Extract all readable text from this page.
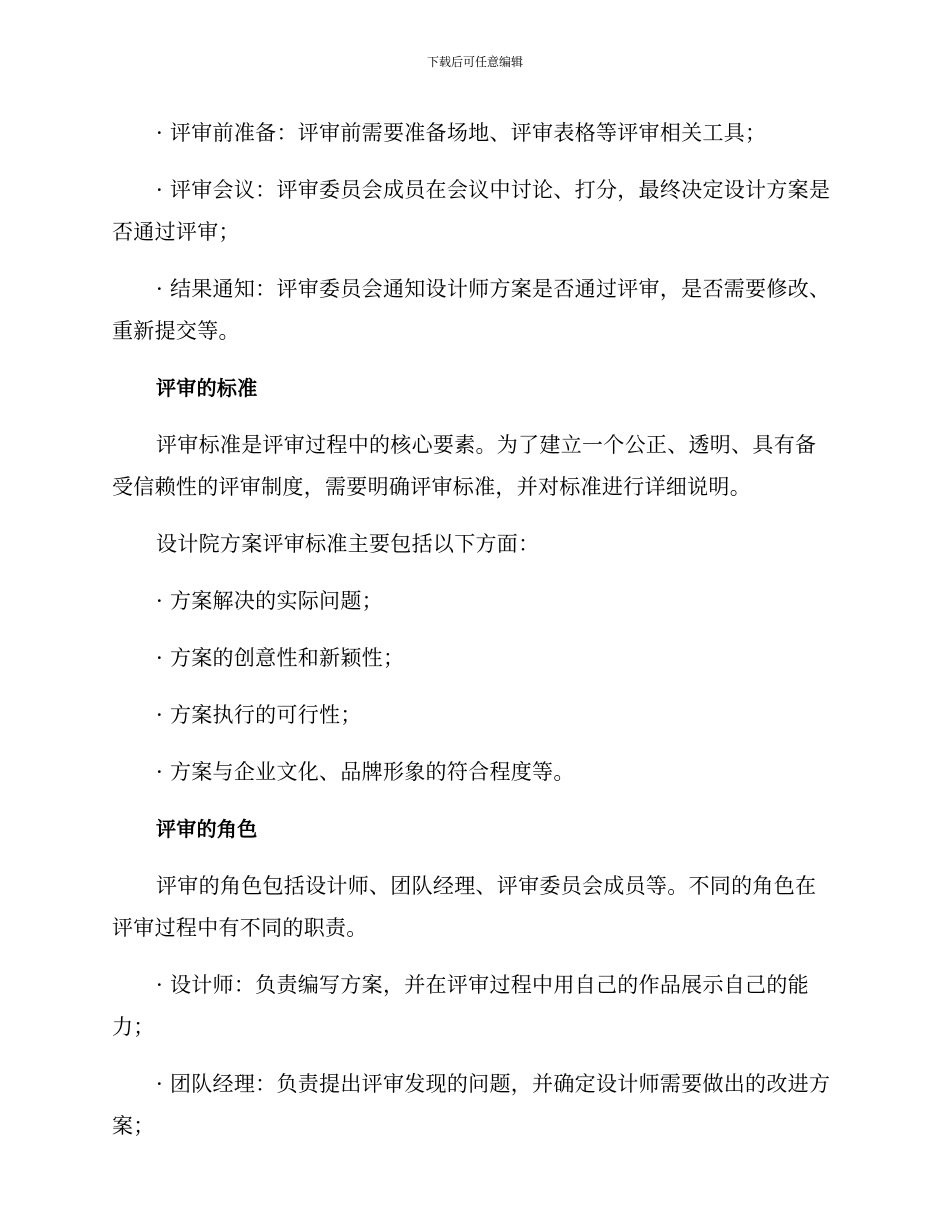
下载后可任意编辑

· 评审前准备：评审前需要准备场地、评审表格等评审相关工具；

· 评审会议：评审委员会成员在会议中讨论、打分，最终决定设计方案是否通过评审；

· 结果通知：评审委员会通知设计师方案是否通过评审，是否需要修改、重新提交等。

评审的标准

评审标准是评审过程中的核心要素。为了建立一个公正、透明、具有备受信赖性的评审制度，需要明确评审标准，并对标准进行详细说明。

设计院方案评审标准主要包括以下方面：

· 方案解决的实际问题；

· 方案的创意性和新颖性；

· 方案执行的可行性；

· 方案与企业文化、品牌形象的符合程度等。

评审的角色

评审的角色包括设计师、团队经理、评审委员会成员等。不同的角色在评审过程中有不同的职责。

· 设计师：负责编写方案，并在评审过程中用自己的作品展示自己的能力；

· 团队经理：负责提出评审发现的问题，并确定设计师需要做出的改进方案；
